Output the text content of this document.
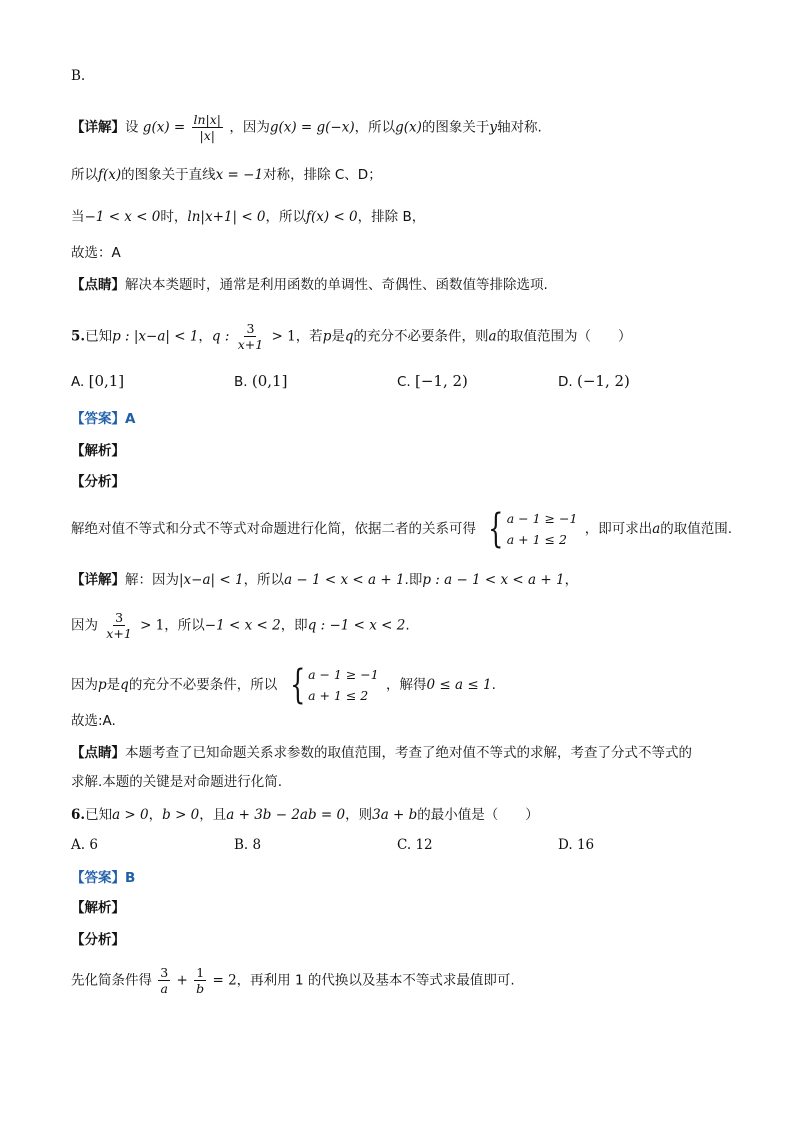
B.
【详解】设 $g(x) = \frac{\ln|x|}{|x|}$ ，因为g(x) = g(−x)，所以g(x)的图象关于y轴对称.
所以f(x)的图象关于直线x = −1对称，排除 C、D；
当−1 < x < 0时，ln|x+1| < 0，所以f(x) < 0，排除 B，
故选：A
【点睛】解决本类题时，通常是利用函数的单调性、奇偶性、函数值等排除选项.
5.已知p : |x−a| < 1，q : $\frac{3}{x+1} > 1$，若p是q的充分不必要条件，则a的取值范围为（　　）
A. [0,1]	B. (0,1]	C. [−1, 2)	D. (−1, 2)
【答案】A
【解析】
【分析】
解绝对值不等式和分式不等式对命题进行化简，依据二者的关系可得 { a − 1 ≥ −1
a + 1 ≤ 2
，即可求出a的取值范围.
【详解】解：因为|x−a| < 1，所以a − 1 < x < a + 1.即p : a − 1 < x < a + 1，
因为 $\frac{3}{x+1} > 1$，所以−1 < x < 2，即q : −1 < x < 2.
因为p是q的充分不必要条件，所以 { a − 1 ≥ −1
a + 1 ≤ 2
，解得0 ≤ a ≤ 1.
故选:A.
【点睛】本题考查了已知命题关系求参数的取值范围，考查了绝对值不等式的求解，考查了分式不等式的
求解.本题的关键是对命题进行化简.
6.已知a > 0，b > 0，且a + 3b − 2ab = 0，则3a + b的最小值是（　　）
A. 6	B. 8	C. 12	D. 16
【答案】B
【解析】
【分析】
先化简条件得 $\frac{3}{a} + \frac{1}{b} = 2$，再利用 1 的代换以及基本不等式求最值即可.
